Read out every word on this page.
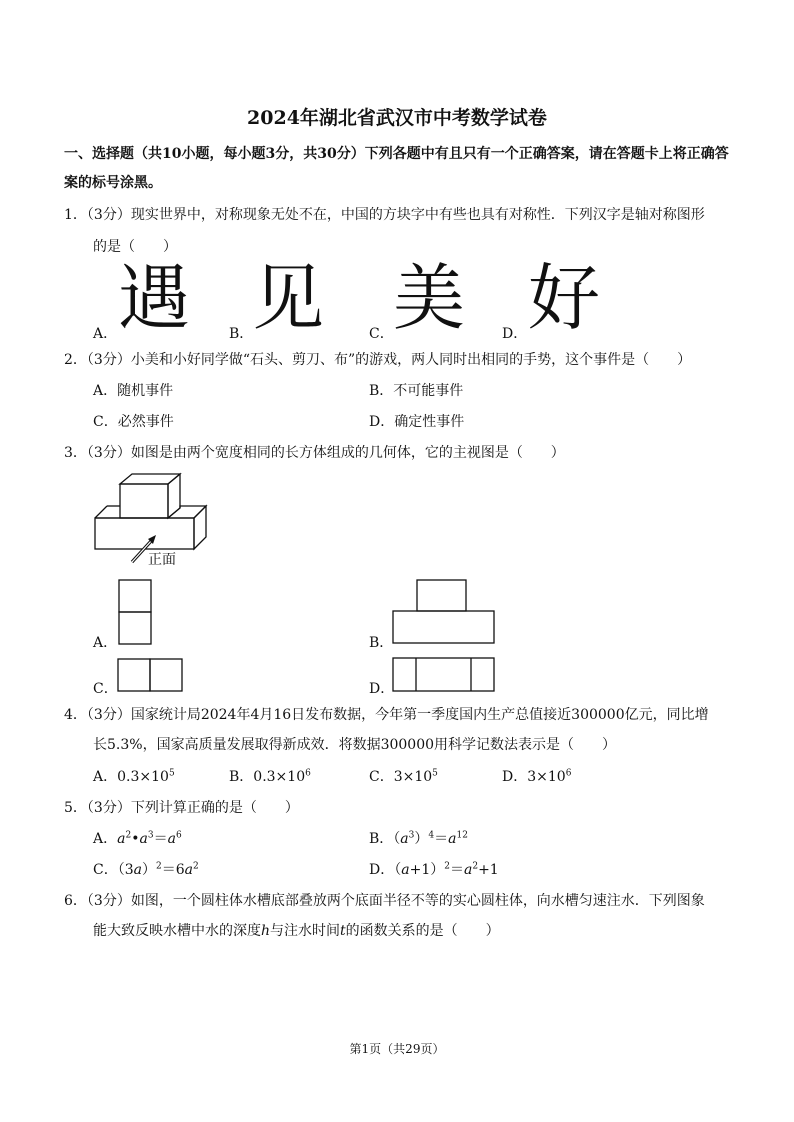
2024年湖北省武汉市中考数学试卷
一、选择题（共10小题，每小题3分，共30分）下列各题中有且只有一个正确答案，请在答题卡上将正确答案的标号涂黑。
1．（3分）现实世界中，对称现象无处不在，中国的方块字中有些也具有对称性．下列汉字是轴对称图形
的是（　　）
A． 遇	B．
见	C． 美	D． 好
2．（3分）小美和小好同学做“石头、剪刀、布”的游戏，两人同时出相同的手势，这个事件是（　　）
A．随机事件	B．不可能事件
C．必然事件	D．确定性事件
3．（3分）如图是由两个宽度相同的长方体组成的几何体，它的主视图是（　　）
正面
A．	B．
C．	D．
4．（3分）国家统计局2024年4月16日发布数据，今年第一季度国内生产总值接近300000亿元，同比增
长5.3%，国家高质量发展取得新成效．将数据300000用科学记数法表示是（　　）
A．$0.3\times 10^5$	B．$0.3\times 10^6$	C．$3\times 10^5$	D．$3\times 10^6$
5．（3分）下列计算正确的是（　　）
A．$a^2•a^3=a^6$	B．$(a^3)^4=a^{12}$
C．$(3a)^2=6a^2$	D．$(a+1)^2=a^2+1$
6．（3分）如图，一个圆柱体水槽底部叠放两个底面半径不等的实心圆柱体，向水槽匀速注水．下列图象
能大致反映水槽中水的深度h与注水时间t的函数关系的是（　　）
第1页（共29页）
